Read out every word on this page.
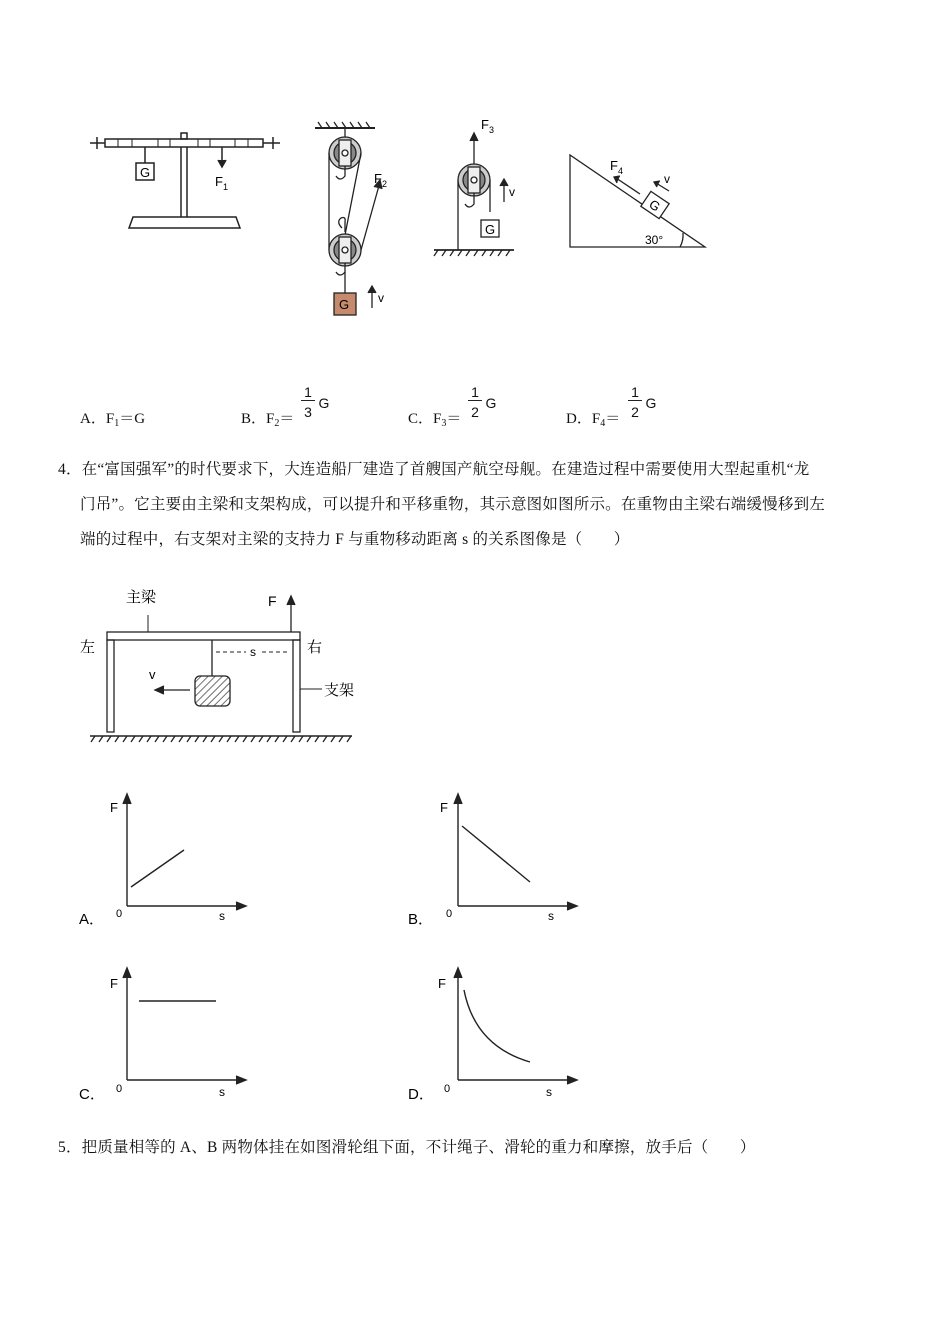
G
$F_1$
G v
$F_2$
G
v
$F_3$
G
v
$F_4$
30°
A．$F_1=G$	B．$F_2=$
1
3
G
C．$F_3=$
1
2
G
D．$F_4=$
1
2
G
4．在“富国强军”的时代要求下，大连造船厂建造了首艘国产航空母舰。在建造过程中需要使用大型起重机“龙
门吊”。它主要由主梁和支架构成，可以提升和平移重物，其示意图如图所示。在重物由主梁右端缓慢移到左
端的过程中，右支架对主梁的支持力 F 与重物移动距离 s 的关系图像是（　　）
主梁
左	右
F
s
v
支架
F
s
0
A．
F
s
0
B．
F
s
0
C．
F
s
0
D．
5．把质量相等的 A、B 两物体挂在如图滑轮组下面，不计绳子、滑轮的重力和摩擦，放手后（　　）
